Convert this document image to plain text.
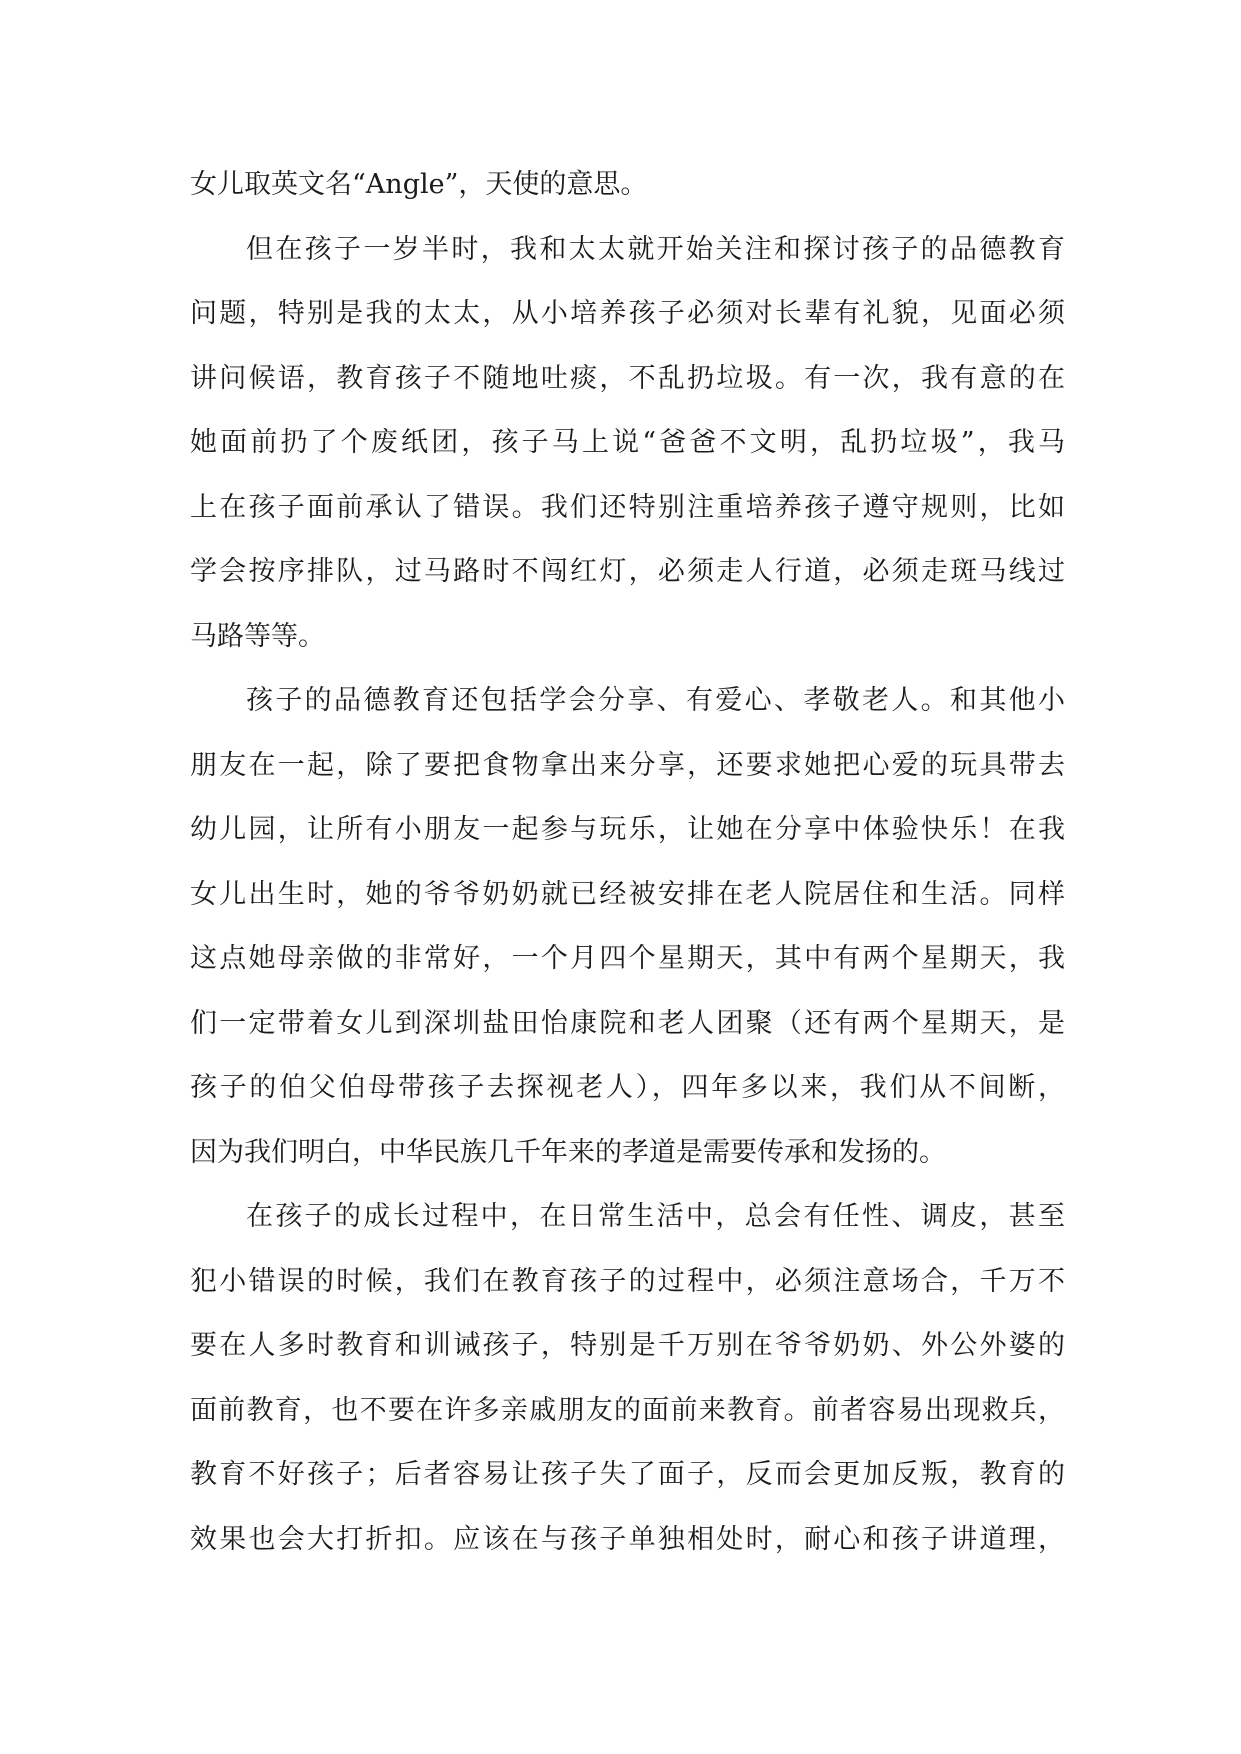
女儿取英文名“Angle”，天使的意思。
但在孩子一岁半时，我和太太就开始关注和探讨孩子的品德教育
问题，特别是我的太太，从小培养孩子必须对长辈有礼貌，见面必须
讲问候语，教育孩子不随地吐痰，不乱扔垃圾。有一次，我有意的在
她面前扔了个废纸团，孩子马上说“爸爸不文明，乱扔垃圾”，我马
上在孩子面前承认了错误。我们还特别注重培养孩子遵守规则，比如
学会按序排队，过马路时不闯红灯，必须走人行道，必须走斑马线过
马路等等。
孩子的品德教育还包括学会分享、有爱心、孝敬老人。和其他小
朋友在一起，除了要把食物拿出来分享，还要求她把心爱的玩具带去
幼儿园，让所有小朋友一起参与玩乐，让她在分享中体验快乐！在我
女儿出生时，她的爷爷奶奶就已经被安排在老人院居住和生活。同样
这点她母亲做的非常好，一个月四个星期天，其中有两个星期天，我
们一定带着女儿到深圳盐田怡康院和老人团聚（还有两个星期天，是
孩子的伯父伯母带孩子去探视老人），四年多以来，我们从不间断，
因为我们明白，中华民族几千年来的孝道是需要传承和发扬的。
在孩子的成长过程中，在日常生活中，总会有任性、调皮，甚至
犯小错误的时候，我们在教育孩子的过程中，必须注意场合，千万不
要在人多时教育和训诫孩子，特别是千万别在爷爷奶奶、外公外婆的
面前教育，也不要在许多亲戚朋友的面前来教育。前者容易出现救兵，
教育不好孩子；后者容易让孩子失了面子，反而会更加反叛，教育的
效果也会大打折扣。应该在与孩子单独相处时，耐心和孩子讲道理，
